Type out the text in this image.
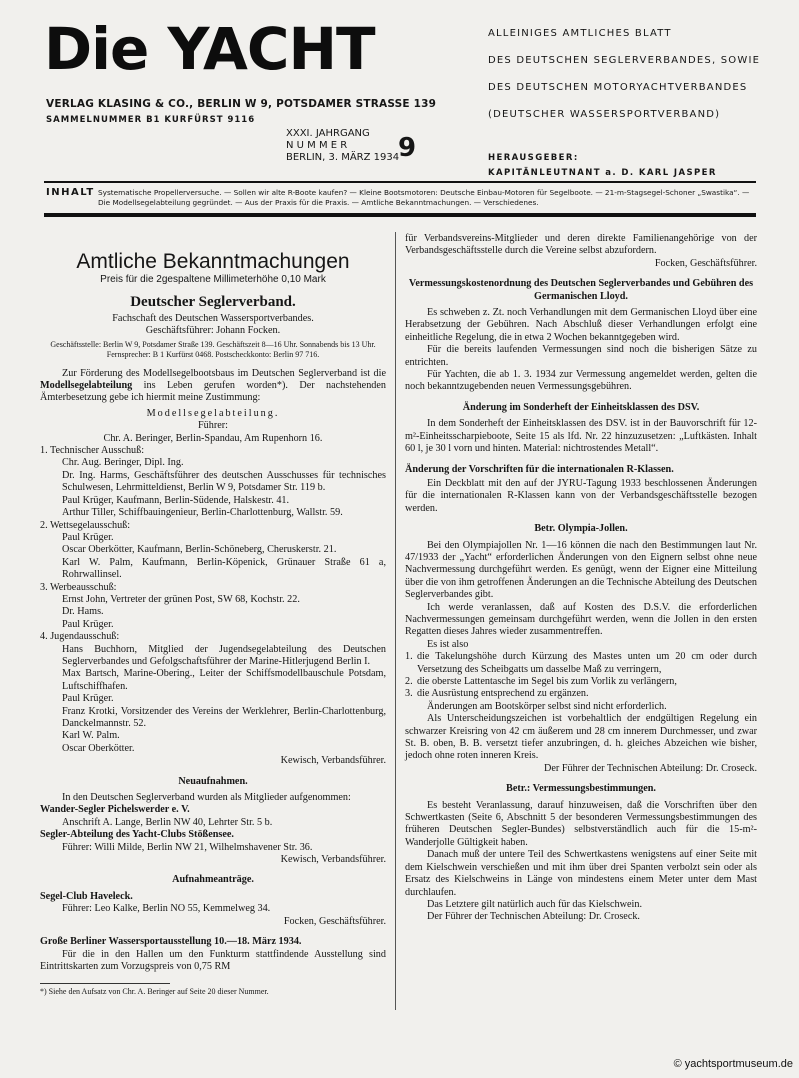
Die YACHT
VERLAG KLASING & CO., BERLIN W 9, POTSDAMER STRASSE 139
SAMMELNUMMER B1 KURFÜRST 9116
XXXI. JAHRGANG
N U M M E R
BERLIN, 3. MÄRZ 1934
9
ALLEINIGES AMTLICHES BLATT
DES DEUTSCHEN SEGLERVERBANDES, SOWIE
DES DEUTSCHEN MOTORYACHTVERBANDES
(DEUTSCHER WASSERSPORTVERBAND)
HERAUSGEBER:
KAPITÄNLEUTNANT a. D. KARL JASPER
INHALT Systematische Propellerversuche. — Sollen wir alte R-Boote kaufen? — Kleine Bootsmotoren: Deutsche Einbau-Motoren für Segelboote. — 21-m-Stagsegel-Schoner „Swastika“. — Die Modellsegelabteilung gegründet. — Aus der Praxis für die Praxis. — Amtliche Bekanntmachungen. — Verschiedenes.
Amtliche Bekanntmachungen
Preis für die 2gespaltene Millimeterhöhe 0,10 Mark
Deutscher Seglerverband.

Fachschaft des Deutschen Wassersportverbandes.

Geschäftsführer: Johann Focken.

Geschäftsstelle: Berlin W 9, Potsdamer Straße 139. Geschäftszeit 8—16 Uhr. Sonnabends bis 13 Uhr. Fernsprecher: B 1 Kurfürst 0468. Postscheckkonto: Berlin 97 716.

Zur Förderung des Modellsegelbootsbaus im Deutschen Seglerverband ist die Modellsegelabteilung ins Leben gerufen worden*). Der nachstehenden Ämterbesetzung gebe ich hiermit meine Zustimmung:

Modellsegelabteilung.

Führer:

Chr. A. Beringer, Berlin-Spandau, Am Rupenhorn 16.

1. Technischer Ausschuß:

Chr. Aug. Beringer, Dipl. Ing.

Dr. Ing. Harms, Geschäftsführer des deutschen Ausschusses für technisches Schulwesen, Lehrmitteldienst, Berlin W 9, Potsdamer Str. 119 b.

Paul Krüger, Kaufmann, Berlin-Südende, Halskestr. 41.

Arthur Tiller, Schiffbauingenieur, Berlin-Charlottenburg, Wallstr. 59.

2. Wettsegelausschuß:

Paul Krüger.

Oscar Oberkötter, Kaufmann, Berlin-Schöneberg, Cheruskerstr. 21.

Karl W. Palm, Kaufmann, Berlin-Köpenick, Grünauer Straße 61 a, Rohrwallinsel.

3. Werbeausschuß:

Ernst John, Vertreter der grünen Post, SW 68, Kochstr. 22.

Dr. Hams.

Paul Krüger.

4. Jugendausschuß:

Hans Buchhorn, Mitglied der Jugendsegelabteilung des Deutschen Seglerverbandes und Gefolgschaftsführer der Marine-Hitlerjugend Berlin I.

Max Bartsch, Marine-Obering., Leiter der Schiffsmodellbauschule Potsdam, Luftschiffhafen.

Paul Krüger.

Franz Krotki, Vorsitzender des Vereins der Werklehrer, Berlin-Charlottenburg, Danckelmannstr. 52.

Karl W. Palm.

Oscar Oberkötter.

Kewisch, Verbandsführer.

Neuaufnahmen.

In den Deutschen Seglerverband wurden als Mitglieder aufgenommen:

Wander-Segler Pichelswerder e. V.

Anschrift A. Lange, Berlin NW 40, Lehrter Str. 5 b.

Segler-Abteilung des Yacht-Clubs Stößensee.

Führer: Willi Milde, Berlin NW 21, Wilhelmshavener Str. 36.

Kewisch, Verbandsführer.

Aufnahmeanträge.

Segel-Club Haveleck.

Führer: Leo Kalke, Berlin NO 55, Kemmelweg 34.

Focken, Geschäftsführer.

Große Berliner Wassersportausstellung 10.—18. März 1934.

Für die in den Hallen um den Funkturm stattfindende Ausstellung sind Eintrittskarten zum Vorzugspreis von 0,75 RM

*) Siehe den Aufsatz von Chr. A. Beringer auf Seite 20 dieser Nummer.

für Verbandsvereins-Mitglieder und deren direkte Familienangehörige von der Verbandsgeschäftsstelle durch die Vereine selbst abzufordern.

Focken, Geschäftsführer.

Vermessungskostenordnung des Deutschen Seglerverbandes und Gebühren des Germanischen Lloyd.

Es schweben z. Zt. noch Verhandlungen mit dem Germanischen Lloyd über eine Herabsetzung der Gebühren. Nach Abschluß dieser Verhandlungen erfolgt eine einheitliche Regelung, die in etwa 2 Wochen bekanntgegeben wird.

Für die bereits laufenden Vermessungen sind noch die bisherigen Sätze zu entrichten.

Für Yachten, die ab 1. 3. 1934 zur Vermessung angemeldet werden, gelten die noch bekanntzugebenden neuen Vermessungsgebühren.

Änderung im Sonderheft der Einheitsklassen des DSV.

In dem Sonderheft der Einheitsklassen des DSV. ist in der Bauvorschrift für 12-m²-Einheitsscharpieboote, Seite 15 als lfd. Nr. 22 hinzuzusetzen: „Luftkästen. Inhalt 60 l, je 30 l vorn und hinten. Material: nichtrostendes Metall“.

Änderung der Vorschriften für die internationalen R-Klassen.

Ein Deckblatt mit den auf der JYRU-Tagung 1933 beschlossenen Änderungen für die internationalen R-Klassen kann von der Verbandsgeschäftsstelle bezogen werden.

Betr. Olympia-Jollen.

Bei den Olympiajollen Nr. 1—16 können die nach den Bestimmungen laut Nr. 47/1933 der „Yacht“ erforderlichen Änderungen von den Eignern selbst ohne neue Nachvermessung durchgeführt werden. Es genügt, wenn der Eigner eine Mitteilung über die von ihm getroffenen Änderungen an die Technische Abteilung des Deutschen Seglerverbandes gibt.

Ich werde veranlassen, daß auf Kosten des D.S.V. die erforderlichen Nachvermessungen gemeinsam durchgeführt werden, wenn die Jollen in den ersten Regatten dieses Jahres wieder zusammentreffen.

Es ist also

1. die Takelungshöhe durch Kürzung des Mastes unten um 20 cm oder durch Versetzung des Scheibgatts um dasselbe Maß zu verringern,

2. die oberste Lattentasche im Segel bis zum Vorlik zu verlängern,

3. die Ausrüstung entsprechend zu ergänzen.

Änderungen am Bootskörper selbst sind nicht erforderlich.

Als Unterscheidungszeichen ist vorbehaltlich der endgültigen Regelung ein schwarzer Kreisring von 42 cm äußerem und 28 cm innerem Durchmesser, und zwar St. B. oben, B. B. versetzt tiefer anzubringen, d. h. gleiches Abzeichen wie bisher, jedoch ohne roten inneren Kreis.

Der Führer der Technischen Abteilung: Dr. Croseck.

Betr.: Vermessungsbestimmungen.

Es besteht Veranlassung, darauf hinzuweisen, daß die Vorschriften über den Schwertkasten (Seite 6, Abschnitt 5 der besonderen Vermessungsbestimmungen des früheren Deutschen Segler-Bundes) selbstverständlich auch für die 15-m²-Wanderjolle Gültigkeit haben.

Danach muß der untere Teil des Schwertkastens wenigstens auf einer Seite mit dem Kielschwein verschießen und mit ihm über drei Spanten verbolzt sein oder als Ersatz des Kielschweins in Länge von mindestens einem Meter unter dem Mast durchlaufen.

Das Letztere gilt natürlich auch für das Kielschwein.

Der Führer der Technischen Abteilung: Dr. Croseck.

© yachtsportmuseum.de
